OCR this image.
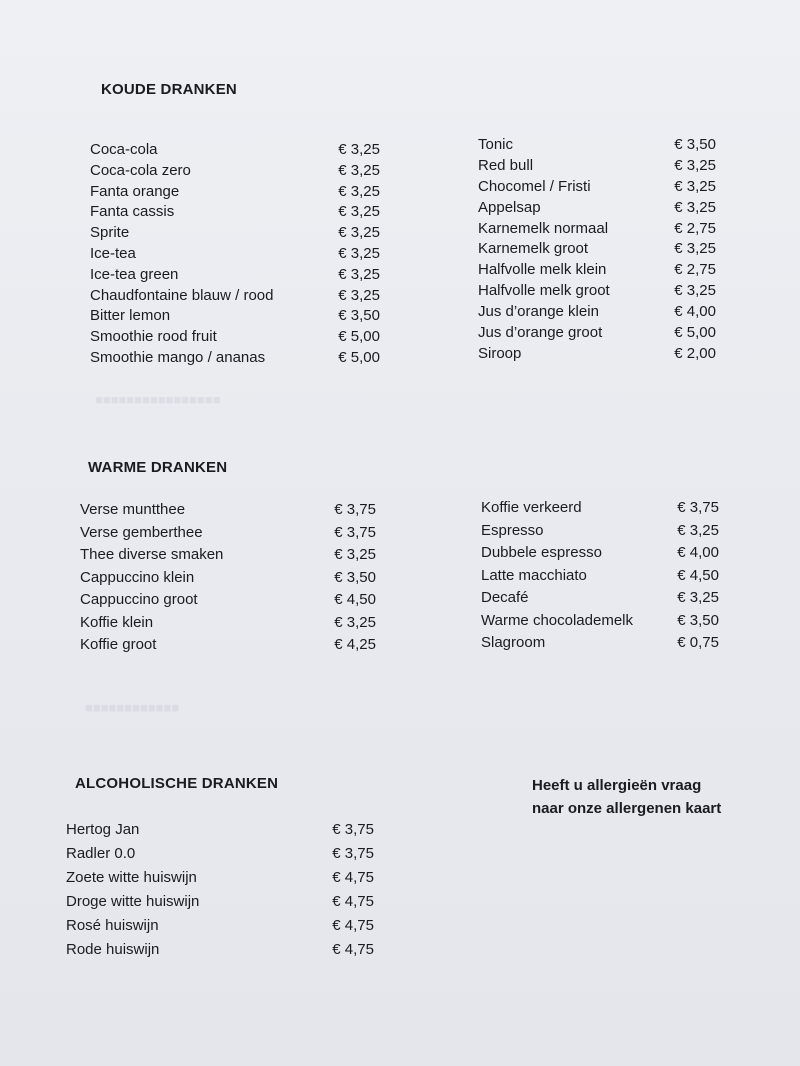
■■■■■■■■■■■■■■■■
■■■■■■■■■■■■
KOUDE DRANKEN
Coca-cola	€ 3,25
Coca-cola zero	€ 3,25
Fanta orange	€ 3,25
Fanta cassis	€ 3,25
Sprite	€ 3,25
Ice-tea	€ 3,25
Ice-tea green	€ 3,25
Chaudfontaine blauw / rood	€ 3,25
Bitter lemon	€ 3,50
Smoothie rood fruit	€ 5,00
Smoothie mango / ananas	€ 5,00
Tonic	€ 3,50
Red bull	€ 3,25
Chocomel / Fristi	€ 3,25
Appelsap	€ 3,25
Karnemelk normaal	€ 2,75
Karnemelk groot	€ 3,25
Halfvolle melk klein	€ 2,75
Halfvolle melk groot	€ 3,25
Jus d’orange klein	€ 4,00
Jus d’orange groot	€ 5,00
Siroop	€ 2,00
WARME DRANKEN
Verse muntthee	€ 3,75
Verse gemberthee	€ 3,75
Thee diverse smaken	€ 3,25
Cappuccino klein	€ 3,50
Cappuccino groot	€ 4,50
Koffie klein	€ 3,25
Koffie groot	€ 4,25
Koffie verkeerd	€ 3,75
Espresso	€ 3,25
Dubbele espresso	€ 4,00
Latte macchiato	€ 4,50
Decafé	€ 3,25
Warme chocolademelk	€ 3,50
Slagroom	€ 0,75
ALCOHOLISCHE DRANKEN
Hertog Jan	€ 3,75
Radler 0.0	€ 3,75
Zoete witte huiswijn	€ 4,75
Droge witte huiswijn	€ 4,75
Rosé huiswijn	€ 4,75
Rode huiswijn	€ 4,75
Heeft u allergieën vraag
naar onze allergenen kaart
